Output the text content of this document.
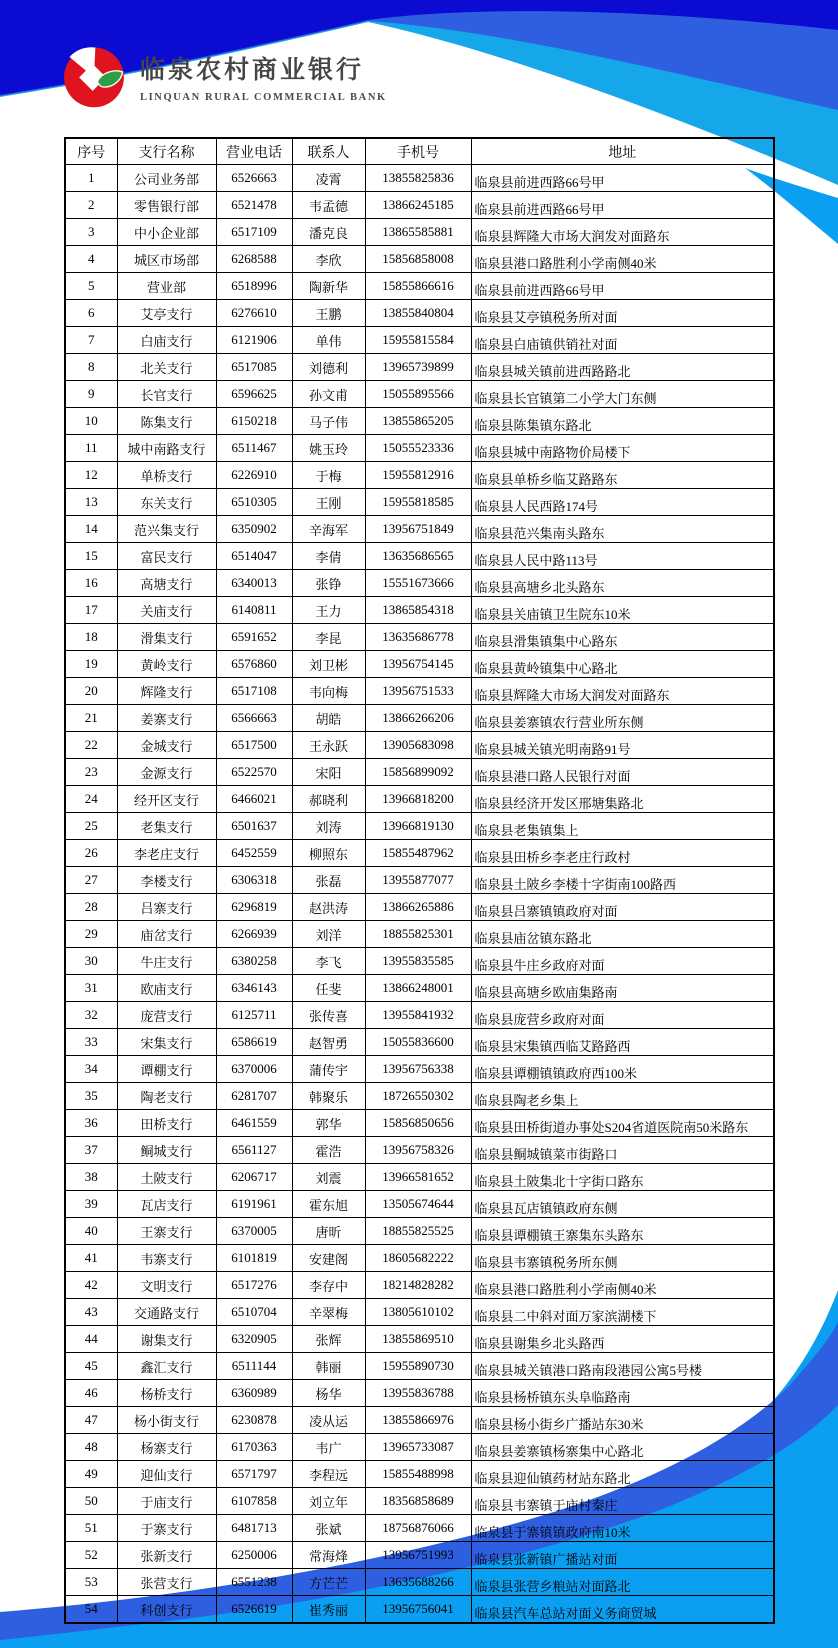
临泉农村商业银行
LINQUAN RURAL COMMERCIAL BANK
序号	支行名称	营业电话	联系人	手机号	地址
1	公司业务部	6526663	凌霄	13855825836	临泉县前进西路66号甲
2	零售银行部	6521478	韦孟德	13866245185	临泉县前进西路66号甲
3	中小企业部	6517109	潘克良	13865585881	临泉县辉隆大市场大润发对面路东
4	城区市场部	6268588	李欣	15856858008	临泉县港口路胜利小学南侧40米
5	营业部	6518996	陶新华	15855866616	临泉县前进西路66号甲
6	艾亭支行	6276610	王鹏	13855840804	临泉县艾亭镇税务所对面
7	白庙支行	6121906	单伟	15955815584	临泉县白庙镇供销社对面
8	北关支行	6517085	刘德利	13965739899	临泉县城关镇前进西路路北
9	长官支行	6596625	孙文甫	15055895566	临泉县长官镇第二小学大门东侧
10	陈集支行	6150218	马子伟	13855865205	临泉县陈集镇东路北
11	城中南路支行	6511467	姚玉玲	15055523336	临泉县城中南路物价局楼下
12	单桥支行	6226910	于梅	15955812916	临泉县单桥乡临艾路路东
13	东关支行	6510305	王刚	15955818585	临泉县人民西路174号
14	范兴集支行	6350902	辛海军	13956751849	临泉县范兴集南头路东
15	富民支行	6514047	李倩	13635686565	临泉县人民中路113号
16	高塘支行	6340013	张铮	15551673666	临泉县高塘乡北头路东
17	关庙支行	6140811	王力	13865854318	临泉县关庙镇卫生院东10米
18	滑集支行	6591652	李昆	13635686778	临泉县滑集镇集中心路东
19	黄岭支行	6576860	刘卫彬	13956754145	临泉县黄岭镇集中心路北
20	辉隆支行	6517108	韦向梅	13956751533	临泉县辉隆大市场大润发对面路东
21	姜寨支行	6566663	胡皓	13866266206	临泉县姜寨镇农行营业所东侧
22	金城支行	6517500	王永跃	13905683098	临泉县城关镇光明南路91号
23	金源支行	6522570	宋阳	15856899092	临泉县港口路人民银行对面
24	经开区支行	6466021	郝晓利	13966818200	临泉县经济开发区邢塘集路北
25	老集支行	6501637	刘涛	13966819130	临泉县老集镇集上
26	李老庄支行	6452559	柳照东	15855487962	临泉县田桥乡李老庄行政村
27	李楼支行	6306318	张磊	13955877077	临泉县土陂乡李楼十字街南100路西
28	吕寨支行	6296819	赵洪涛	13866265886	临泉县吕寨镇镇政府对面
29	庙岔支行	6266939	刘洋	18855825301	临泉县庙岔镇东路北
30	牛庄支行	6380258	李飞	13955835585	临泉县牛庄乡政府对面
31	欧庙支行	6346143	任斐	13866248001	临泉县高塘乡欧庙集路南
32	庞营支行	6125711	张传喜	13955841932	临泉县庞营乡政府对面
33	宋集支行	6586619	赵智勇	15055836600	临泉县宋集镇西临艾路路西
34	谭棚支行	6370006	蒲传宇	13956756338	临泉县谭棚镇镇政府西100米
35	陶老支行	6281707	韩聚乐	18726550302	临泉县陶老乡集上
36	田桥支行	6461559	郭华	15856850656	临泉县田桥街道办事处S204省道医院南50米路东
37	鲖城支行	6561127	霍浩	13956758326	临泉县鲖城镇菜市街路口
38	土陂支行	6206717	刘震	13966581652	临泉县土陂集北十字街口路东
39	瓦店支行	6191961	霍东旭	13505674644	临泉县瓦店镇镇政府东侧
40	王寨支行	6370005	唐昕	18855825525	临泉县谭棚镇王寨集东头路东
41	韦寨支行	6101819	安建阁	18605682222	临泉县韦寨镇税务所东侧
42	文明支行	6517276	李存中	18214828282	临泉县港口路胜利小学南侧40米
43	交通路支行	6510704	辛翠梅	13805610102	临泉县二中斜对面万家滨湖楼下
44	谢集支行	6320905	张辉	13855869510	临泉县谢集乡北头路西
45	鑫汇支行	6511144	韩丽	15955890730	临泉县城关镇港口路南段港园公寓5号楼
46	杨桥支行	6360989	杨华	13955836788	临泉县杨桥镇东头阜临路南
47	杨小街支行	6230878	凌从运	13855866976	临泉县杨小街乡广播站东30米
48	杨寨支行	6170363	韦广	13965733087	临泉县姜寨镇杨寨集中心路北
49	迎仙支行	6571797	李程远	15855488998	临泉县迎仙镇药材站东路北
50	于庙支行	6107858	刘立年	18356858689	临泉县韦寨镇于庙村秦庄
51	于寨支行	6481713	张斌	18756876066	临泉县于寨镇镇政府南10米
52	张新支行	6250006	常海烽	13956751993	临泉县张新镇广播站对面
53	张营支行	6551238	方芒芒	13635688266	临泉县张营乡粮站对面路北
54	科创支行	6526619	崔秀丽	13956756041	临泉县汽车总站对面义务商贸城
